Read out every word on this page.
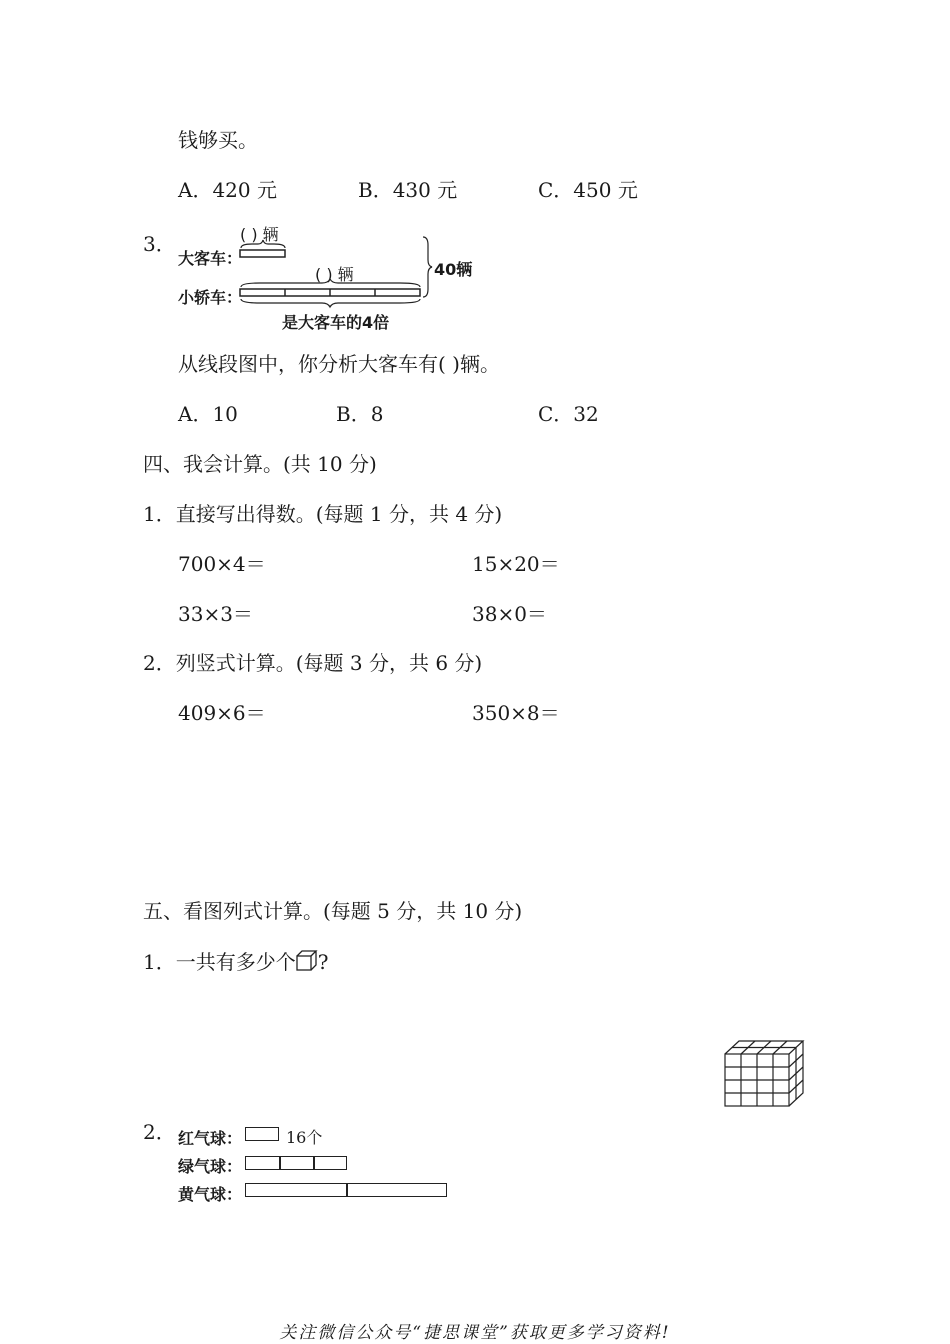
钱够买。
A．420 元	B．430 元	C．450 元
3．
大客车：
小轿车：
( ) 辆
( ) 辆	40辆
是大客车的4倍
从线段图中，你分析大客车有( )辆。
A．10	B．8	C．32
四、我会计算。(共 10 分)
1．直接写出得数。(每题 1 分，共 4 分)
700×4＝	15×20＝
33×3＝	38×0＝
2．列竖式计算。(每题 3 分，共 6 分)
409×6＝	350×8＝
五、看图列式计算。(每题 5 分，共 10 分)
1．一共有多少个 ?
2． 红气球：	16个
绿气球：
黄气球：
关注微信公众号“捷思课堂”获取更多学习资料!
